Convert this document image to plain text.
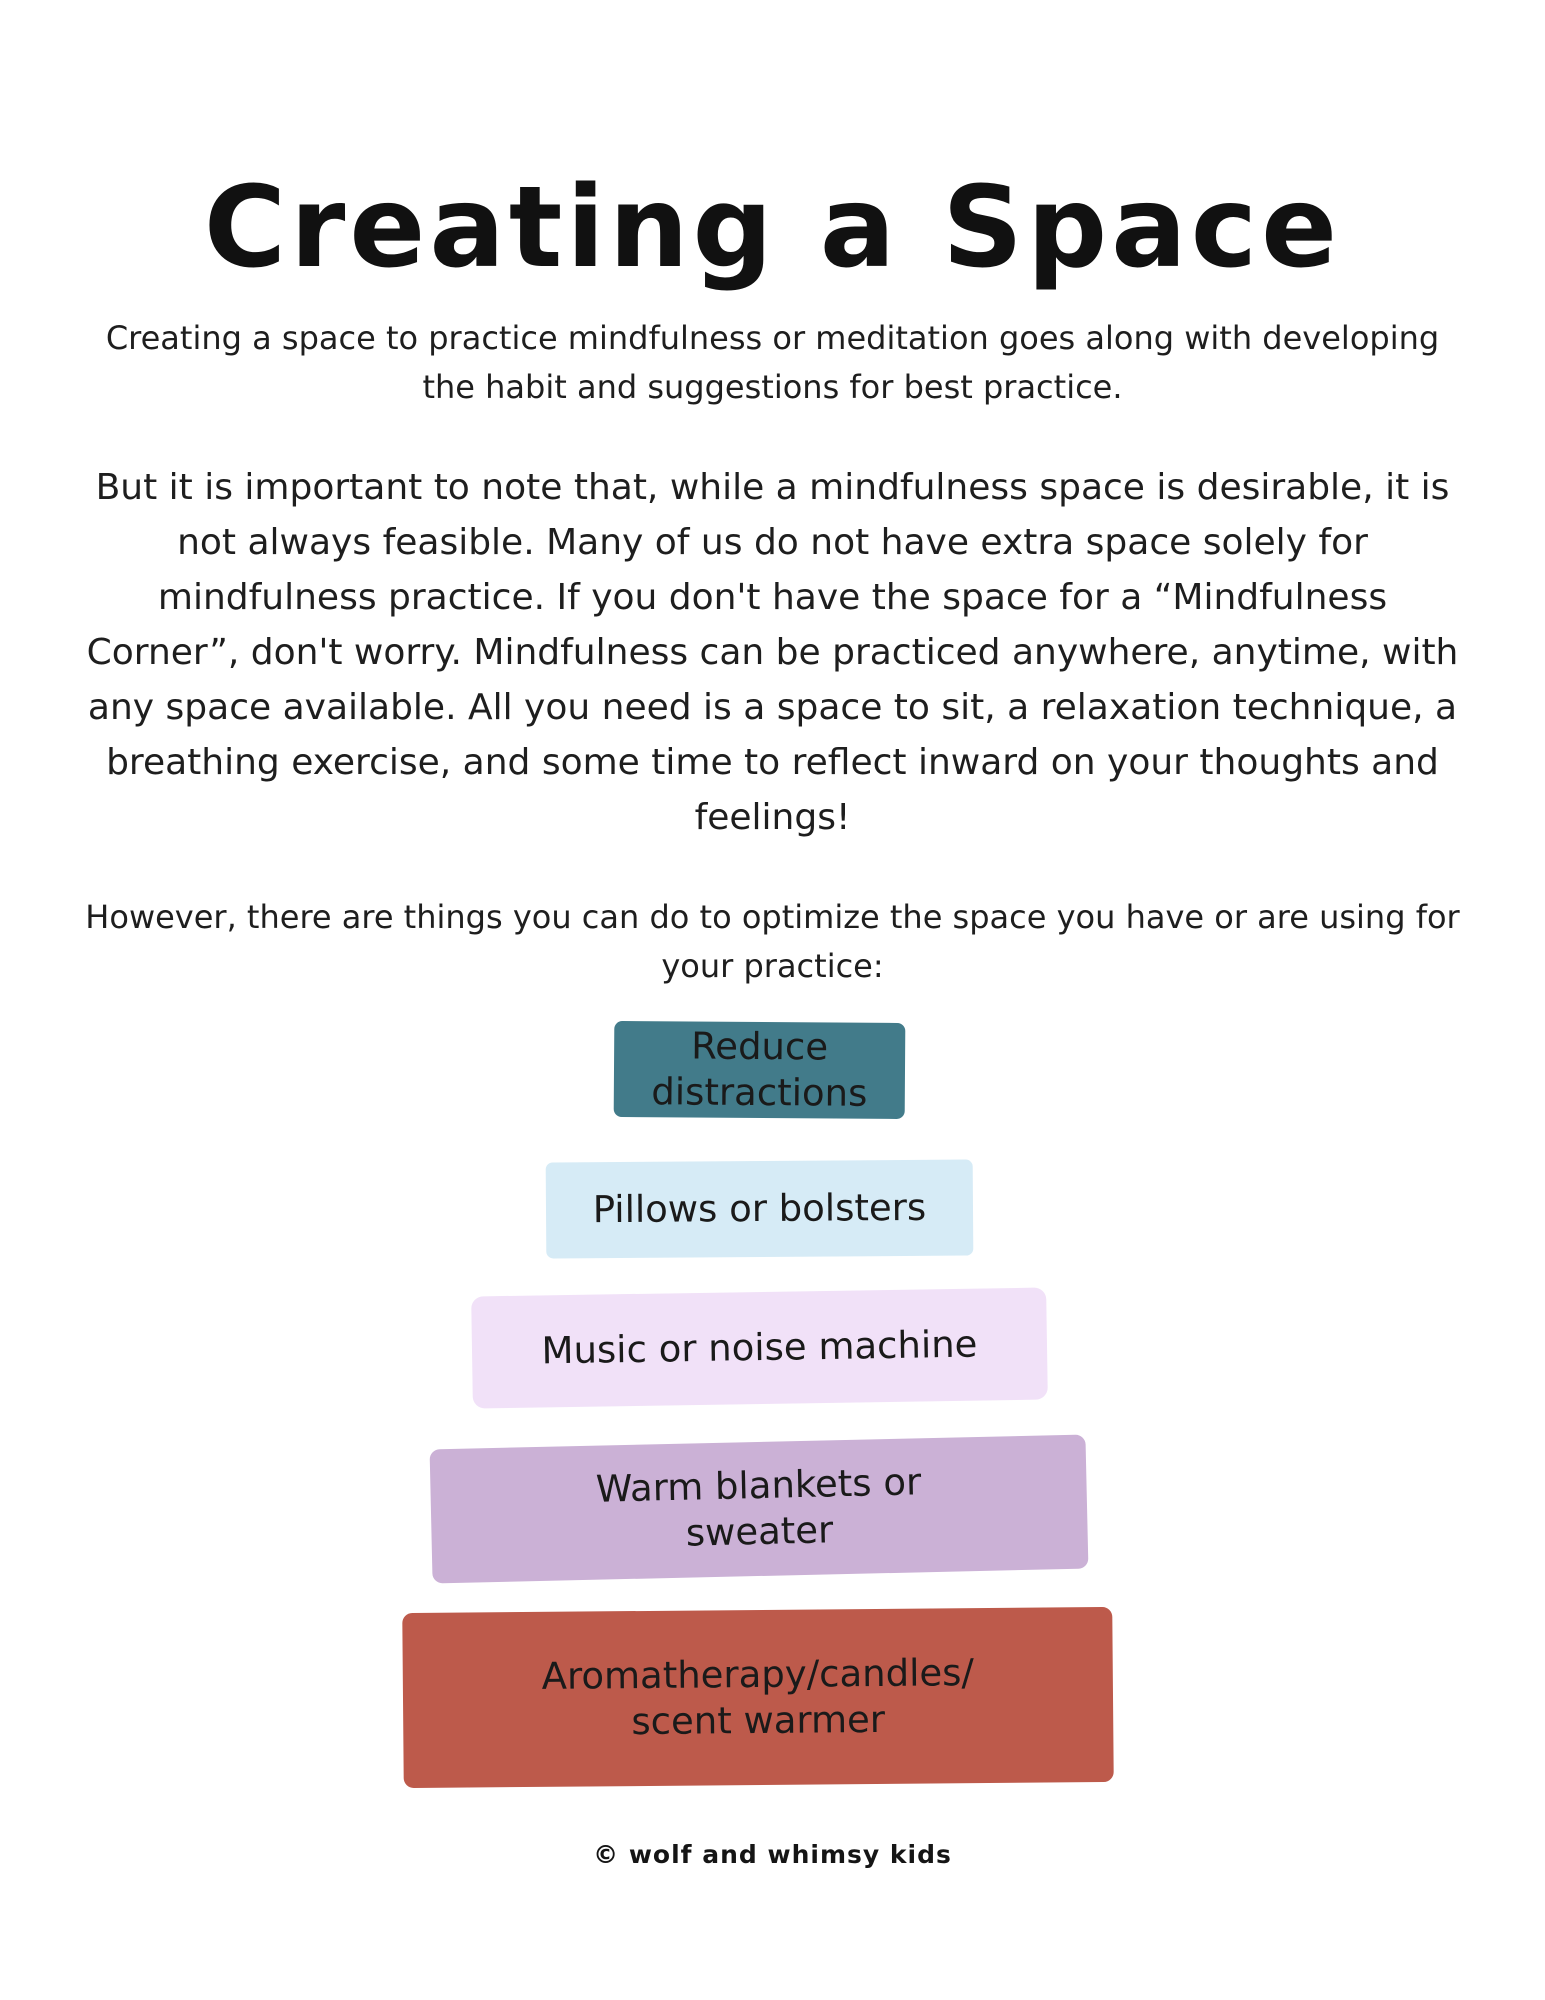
Creating a Space

Creating a space to practice mindfulness or meditation goes along with developing the habit and suggestions for best practice.

But it is important to note that, while a mindfulness space is desirable, it is not always feasible. Many of us do not have extra space solely for mindfulness practice. If you don't have the space for a “Mindfulness Corner”, don't worry. Mindfulness can be practiced anywhere, anytime, with any space available. All you need is a space to sit, a relaxation technique, a breathing exercise, and some time to reflect inward on your thoughts and feelings!

However, there are things you can do to optimize the space you have or are using for your practice:

Reduce distractions
Pillows or bolsters
Music or noise machine
Warm blankets or sweater
Aromatherapy/candles/ scent warmer

© wolf and whimsy kids
